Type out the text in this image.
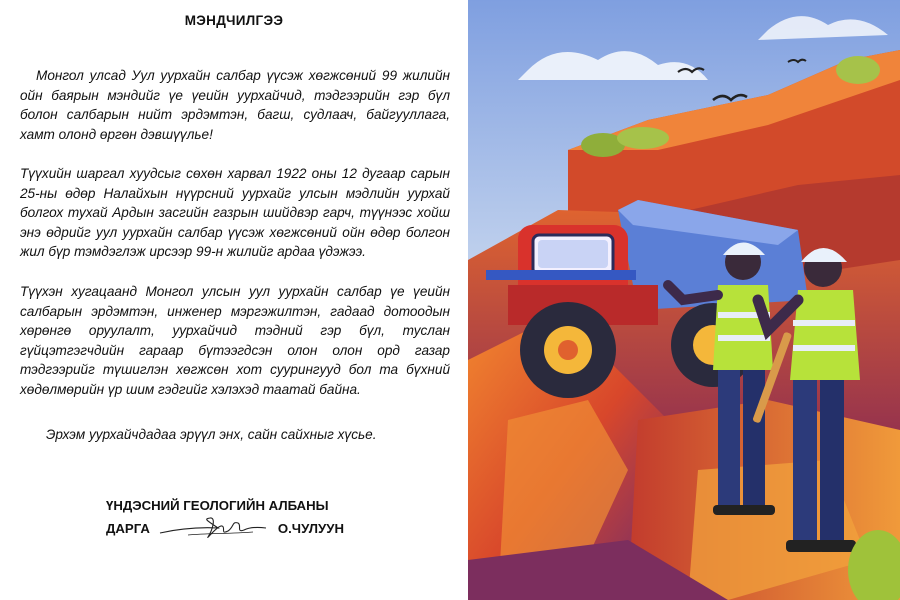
МЭНДЧИЛГЭЭ

Монгол улсад Уул уурхайн салбар үүсэж хөгжсөний 99 жилийн ойн баярын мэндийг үе үеийн уурхайчид, тэдгээрийн гэр бүл болон салбарын нийт эрдэмтэн, багш, судлаач, байгууллага, хамт олонд өргөн дэвшүүлье!

Түүхийн шаргал хуудсыг сөхөн харвал 1922 оны 12 дугаар сарын 25-ны өдөр Налайхын нүүрсний уурхайг улсын мэдлийн уурхай болгох тухай Ардын засгийн газрын шийдвэр гарч, түүнээс хойш энэ өдрийг уул уурхайн салбар үүсэж хөгжсөний ойн өдөр болгон жил бүр тэмдэглэж ирсээр 99-н жилийг ардаа үдэжээ.

Түүхэн хугацаанд Монгол улсын уул уурхайн салбар үе үеийн салбарын эрдэмтэн, инженер мэргэжилтэн, гадаад дотоодын хөрөнгө оруулалт, уурхайчид тэдний гэр бүл, туслан гүйцэтгэгчдийн гараар бүтээгдсэн олон олон орд газар тэдгээрийг түшиглэн хөгжсөн хот суурингууд бол та бүхний хөдөлмөрийн үр шим гэдгийг хэлэхэд таатай байна.

Эрхэм уурхайчдадаа эрүүл энх, сайн сайхныг хүсье.
ҮНДЭСНИЙ ГЕОЛОГИЙН АЛБАНЫ
ДАРГА	О.ЧУЛУУН
